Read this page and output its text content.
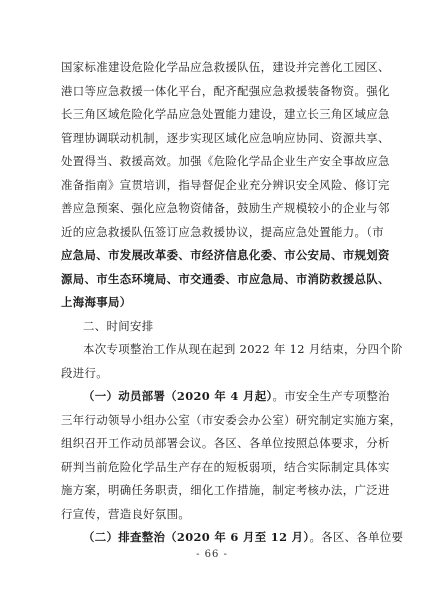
国家标准建设危险化学品应急救援队伍，建设并完善化工园区、
港口等应急救援一体化平台，配齐配强应急救援装备物资。强化
长三角区域危险化学品应急处置能力建设，建立长三角区域应急
管理协调联动机制，逐步实现区域化应急响应协同、资源共享、
处置得当、救援高效。加强《危险化学品企业生产安全事故应急
准备指南》宣贯培训，指导督促企业充分辨识安全风险、修订完
善应急预案、强化应急物资储备，鼓励生产规模较小的企业与邻
近的应急救援队伍签订应急救援协议，提高应急处置能力。（市
应急局、市发展改革委、市经济信息化委、市公安局、市规划资
源局、市生态环境局、市交通委、市应急局、市消防救援总队、
上海海事局）
二、时间安排
本次专项整治工作从现在起到 2022 年 12 月结束，分四个阶
段进行。
（一）动员部署（2020 年 4 月起）。市安全生产专项整治
三年行动领导小组办公室（市安委会办公室）研究制定实施方案，
组织召开工作动员部署会议。各区、各单位按照总体要求，分析
研判当前危险化学品生产存在的短板弱项，结合实际制定具体实
施方案，明确任务职责，细化工作措施，制定考核办法，广泛进
行宣传，营造良好氛围。
（二）排查整治（2020 年 6 月至 12 月）。各区、各单位要
- 66 -
